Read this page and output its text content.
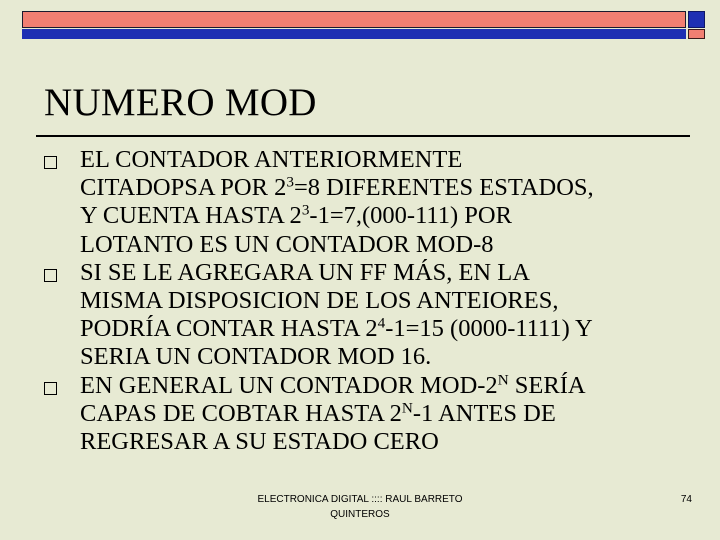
NUMERO MOD
EL CONTADOR ANTERIORMENTE
CITADOPSA POR $2^3=8$ DIFERENTES ESTADOS,
Y CUENTA HASTA $2^3-1=7,(000-111)$ POR
LOTANTO ES UN CONTADOR MOD-8
SI SE LE AGREGARA UN FF MÁS, EN LA
MISMA DISPOSICION DE LOS ANTEIORES,
PODRÍA CONTAR HASTA $2^4-1=15$ (0000-1111) Y
SERIA UN CONTADOR MOD 16.
EN GENERAL UN CONTADOR MOD-$2^N$ SERÍA
CAPAS DE COBTAR HASTA $2^N-1$ ANTES DE
REGRESAR A SU ESTADO CERO
ELECTRONICA DIGITAL :::: RAUL BARRETO
QUINTEROS
74
